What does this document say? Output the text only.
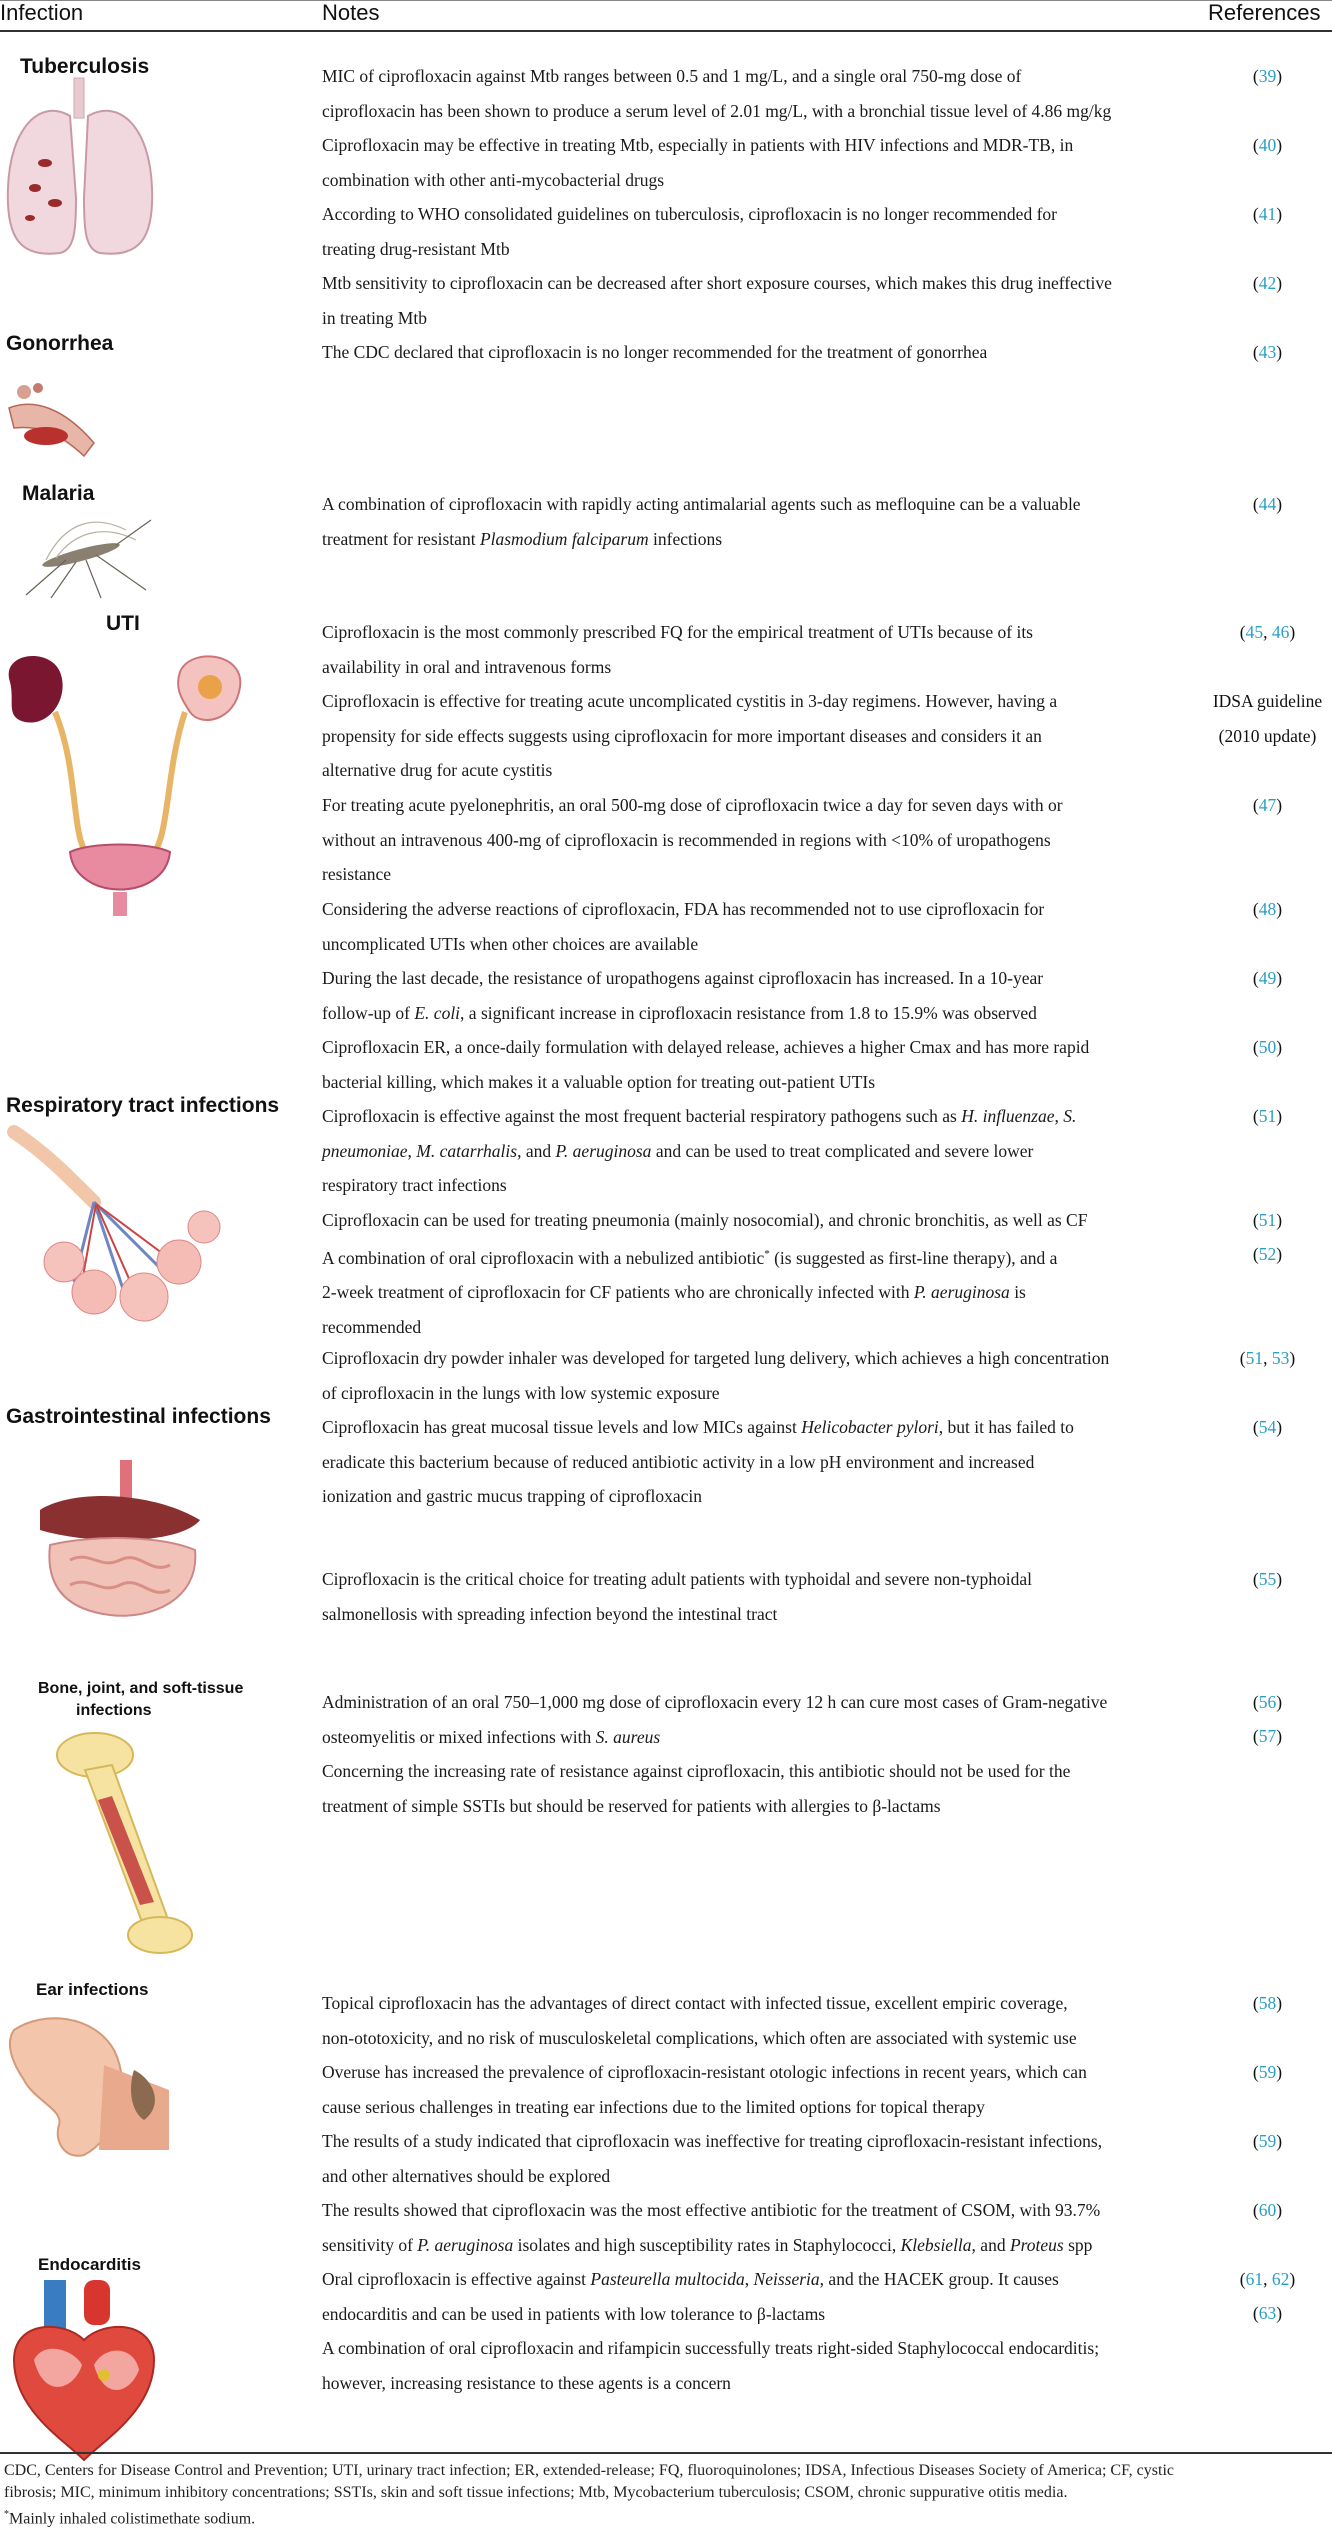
Infection	Notes	References
Tuberculosis
Gonorrhea
Malaria
UTI
Respiratory tract infections
Gastrointestinal infections
Bone, joint, and soft-tissue
infections
Ear infections
Endocarditis
MIC of ciprofloxacin against Mtb ranges between 0.5 and 1 mg/L, and a single oral 750-mg dose of
ciprofloxacin has been shown to produce a serum level of 2.01 mg/L, with a bronchial tissue level of 4.86 mg/kg
Ciprofloxacin may be effective in treating Mtb, especially in patients with HIV infections and MDR-TB, in
combination with other anti-mycobacterial drugs
According to WHO consolidated guidelines on tuberculosis, ciprofloxacin is no longer recommended for
treating drug-resistant Mtb
Mtb sensitivity to ciprofloxacin can be decreased after short exposure courses, which makes this drug ineffective
in treating Mtb
The CDC declared that ciprofloxacin is no longer recommended for the treatment of gonorrhea
A combination of ciprofloxacin with rapidly acting antimalarial agents such as mefloquine can be a valuable
treatment for resistant Plasmodium falciparum infections
Ciprofloxacin is the most commonly prescribed FQ for the empirical treatment of UTIs because of its
availability in oral and intravenous forms
Ciprofloxacin is effective for treating acute uncomplicated cystitis in 3-day regimens. However, having a
propensity for side effects suggests using ciprofloxacin for more important diseases and considers it an
alternative drug for acute cystitis
For treating acute pyelonephritis, an oral 500-mg dose of ciprofloxacin twice a day for seven days with or
without an intravenous 400-mg of ciprofloxacin is recommended in regions with <10% of uropathogens
resistance
Considering the adverse reactions of ciprofloxacin, FDA has recommended not to use ciprofloxacin for
uncomplicated UTIs when other choices are available
During the last decade, the resistance of uropathogens against ciprofloxacin has increased. In a 10-year
follow-up of E. coli, a significant increase in ciprofloxacin resistance from 1.8 to 15.9% was observed
Ciprofloxacin ER, a once-daily formulation with delayed release, achieves a higher Cmax and has more rapid
bacterial killing, which makes it a valuable option for treating out-patient UTIs
Ciprofloxacin is effective against the most frequent bacterial respiratory pathogens such as H. influenzae, S.
pneumoniae, M. catarrhalis, and P. aeruginosa and can be used to treat complicated and severe lower
respiratory tract infections
Ciprofloxacin can be used for treating pneumonia (mainly nosocomial), and chronic bronchitis, as well as CF
A combination of oral ciprofloxacin with a nebulized antibiotic* (is suggested as first-line therapy), and a
2-week treatment of ciprofloxacin for CF patients who are chronically infected with P. aeruginosa is
recommended
Ciprofloxacin dry powder inhaler was developed for targeted lung delivery, which achieves a high concentration
of ciprofloxacin in the lungs with low systemic exposure
Ciprofloxacin has great mucosal tissue levels and low MICs against Helicobacter pylori, but it has failed to
eradicate this bacterium because of reduced antibiotic activity in a low pH environment and increased
ionization and gastric mucus trapping of ciprofloxacin
Ciprofloxacin is the critical choice for treating adult patients with typhoidal and severe non-typhoidal
salmonellosis with spreading infection beyond the intestinal tract
Administration of an oral 750–1,000 mg dose of ciprofloxacin every 12 h can cure most cases of Gram-negative
osteomyelitis or mixed infections with S. aureus
Concerning the increasing rate of resistance against ciprofloxacin, this antibiotic should not be used for the
treatment of simple SSTIs but should be reserved for patients with allergies to β-lactams
Topical ciprofloxacin has the advantages of direct contact with infected tissue, excellent empiric coverage,
non-ototoxicity, and no risk of musculoskeletal complications, which often are associated with systemic use
Overuse has increased the prevalence of ciprofloxacin-resistant otologic infections in recent years, which can
cause serious challenges in treating ear infections due to the limited options for topical therapy
The results of a study indicated that ciprofloxacin was ineffective for treating ciprofloxacin-resistant infections,
and other alternatives should be explored
The results showed that ciprofloxacin was the most effective antibiotic for the treatment of CSOM, with 93.7%
sensitivity of P. aeruginosa isolates and high susceptibility rates in Staphylococci, Klebsiella, and Proteus spp
Oral ciprofloxacin is effective against Pasteurella multocida, Neisseria, and the HACEK group. It causes
endocarditis and can be used in patients with low tolerance to β-lactams
A combination of oral ciprofloxacin and rifampicin successfully treats right-sided Staphylococcal endocarditis;
however, increasing resistance to these agents is a concern
(39)
(40)
(41)
(42)
(43)
(44)
(45, 46)
IDSA guideline
(2010 update)
(47)
(48)
(49)
(50)
(51)
(51)
(52)
(51, 53)
(54)
(55)
(56)
(57)
(58)
(59)
(59)
(60)
(61, 62)
(63)
CDC, Centers for Disease Control and Prevention; UTI, urinary tract infection; ER, extended-release; FQ, fluoroquinolones; IDSA, Infectious Diseases Society of America; CF, cystic
fibrosis; MIC, minimum inhibitory concentrations; SSTIs, skin and soft tissue infections; Mtb, Mycobacterium tuberculosis; CSOM, chronic suppurative otitis media.
*Mainly inhaled colistimethate sodium.
